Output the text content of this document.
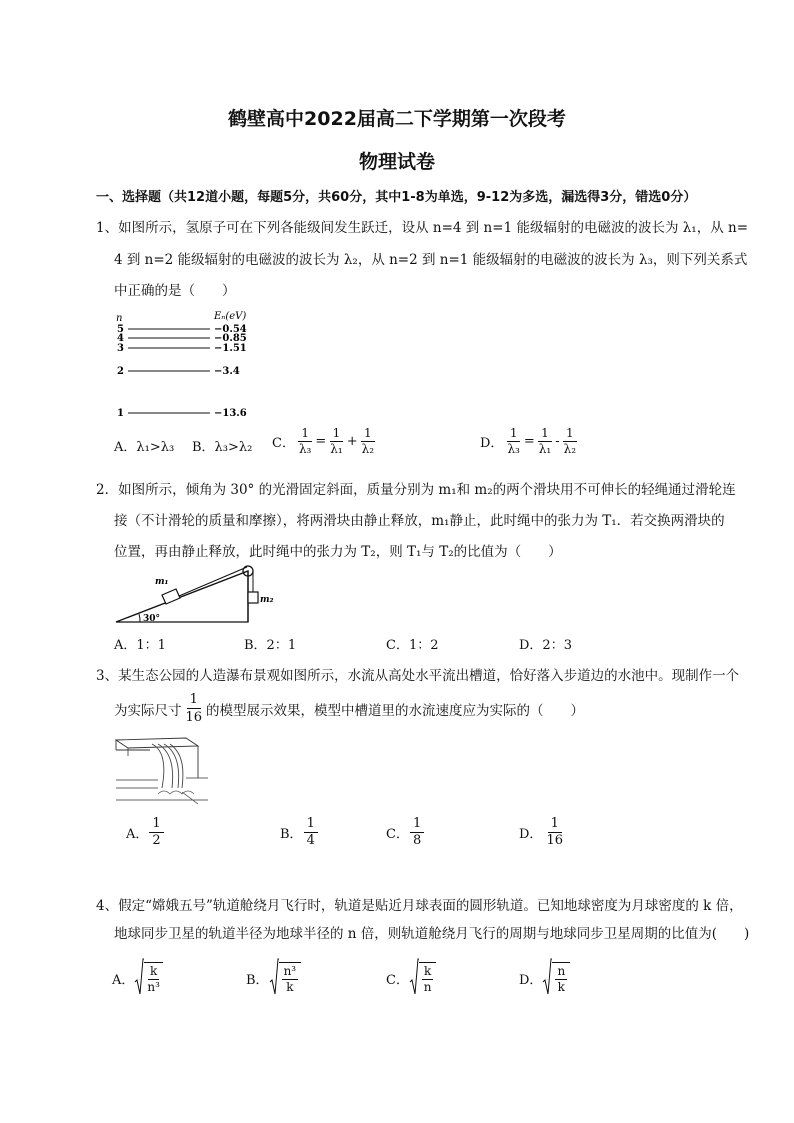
鹤壁高中2022届高二下学期第一次段考
物理试卷
一、选择题（共12道小题，每题5分，共60分，其中1-8为单选，9-12为多选，漏选得3分，错选0分）
1、如图所示，氢原子可在下列各能级间发生跃迁，设从 n=4 到 n=1 能级辐射的电磁波的波长为 λ₁，从 n=
4 到 n=2 能级辐射的电磁波的波长为 λ₂，从 n=2 到 n=1 能级辐射的电磁波的波长为 λ₃，则下列关系式
中正确的是（　　）
n	Eₙ(eV)
5	−0.54
4	−0.85
3	−1.51
2	−3.4
1	−13.6
A．λ₁>λ₃ B．λ₃>λ₂ C． $\frac{1}{\text{λ₃}} = \frac{1}{\text{λ₁}} + \frac{1}{\text{λ₂}}$	D． $\frac{1}{\text{λ₃}} = \frac{1}{\text{λ₁}} - \frac{1}{\text{λ₂}}$
2．如图所示，倾角为 30° 的光滑固定斜面，质量分别为 m₁和 m₂的两个滑块用不可伸长的轻绳通过滑轮连
接（不计滑轮的质量和摩擦），将两滑块由静止释放，m₁静止，此时绳中的张力为 T₁．若交换两滑块的
位置，再由静止释放，此时绳中的张力为 T₂，则 T₁与 T₂的比值为（　　）
m₁
m₂
30°
A．1：1	B．2：1	C．1：2	D．2：3
3、某生态公园的人造瀑布景观如图所示，水流从高处水平流出槽道，恰好落入步道边的水池中。现制作一个
为实际尺寸 $\frac{1}{16}$ 的模型展示效果，模型中槽道里的水流速度应为实际的（　　）
A． $\frac{1}{2}$	B． $\frac{1}{4}$	C． $\frac{1}{8}$	D． $\frac{1}{16}$
4、假定“嫦娥五号”轨道舱绕月飞行时，轨道是贴近月球表面的圆形轨道。已知地球密度为月球密度的 k 倍，
地球同步卫星的轨道半径为地球半径的 n 倍，则轨道舱绕月飞行的周期与地球同步卫星周期的比值为(　　)
A． $\frac{k}{\text{n³}}$	B． $\frac{\text{n³}}{k}$	C． $\frac{k}{n}$	D． $\frac{n}{k}$
